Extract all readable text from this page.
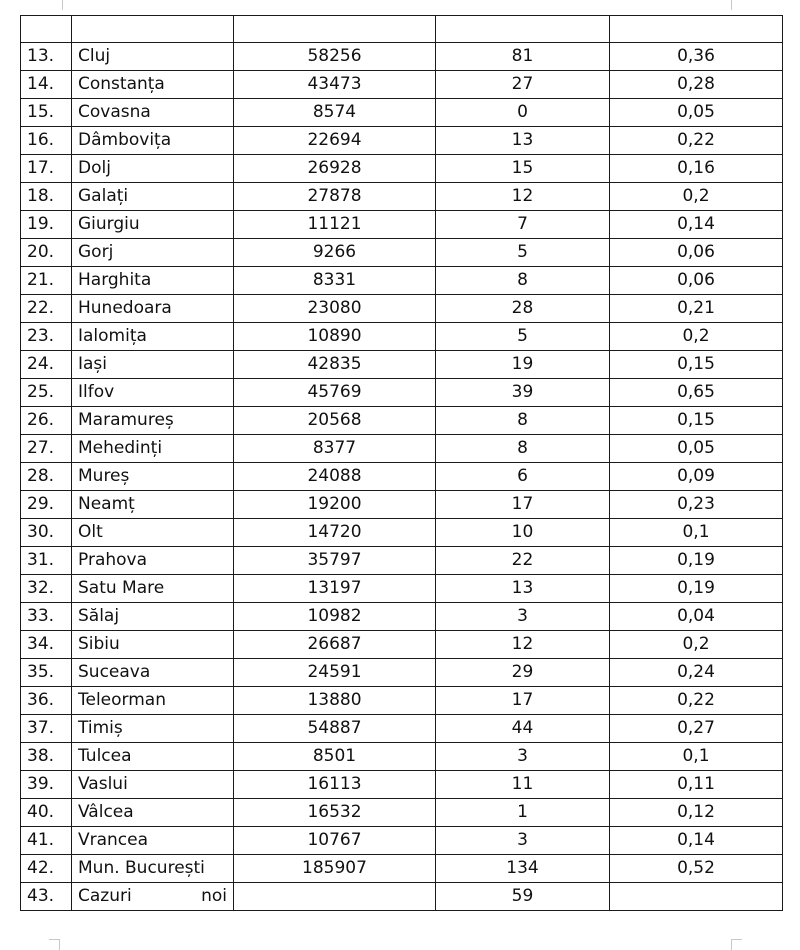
13.	Cluj	58256	81	0,36
14.	Constanța	43473	27	0,28
15.	Covasna	8574	0	0,05
16.	Dâmbovița	22694	13	0,22
17.	Dolj	26928	15	0,16
18.	Galați	27878	12	0,2
19.	Giurgiu	11121	7	0,14
20.	Gorj	9266	5	0,06
21.	Harghita	8331	8	0,06
22.	Hunedoara	23080	28	0,21
23.	Ialomița	10890	5	0,2
24.	Iași	42835	19	0,15
25.	Ilfov	45769	39	0,65
26.	Maramureș	20568	8	0,15
27.	Mehedinți	8377	8	0,05
28.	Mureș	24088	6	0,09
29.	Neamț	19200	17	0,23
30.	Olt	14720	10	0,1
31.	Prahova	35797	22	0,19
32.	Satu Mare	13197	13	0,19
33.	Sălaj	10982	3	0,04
34.	Sibiu	26687	12	0,2
35.	Suceava	24591	29	0,24
36.	Teleorman	13880	17	0,22
37.	Timiș	54887	44	0,27
38.	Tulcea	8501	3	0,1
39.	Vaslui	16113	11	0,11
40.	Vâlcea	16532	1	0,12
41.	Vrancea	10767	3	0,14
42.	Mun. București	185907	134	0,52
43.	Cazuri noi		59	
